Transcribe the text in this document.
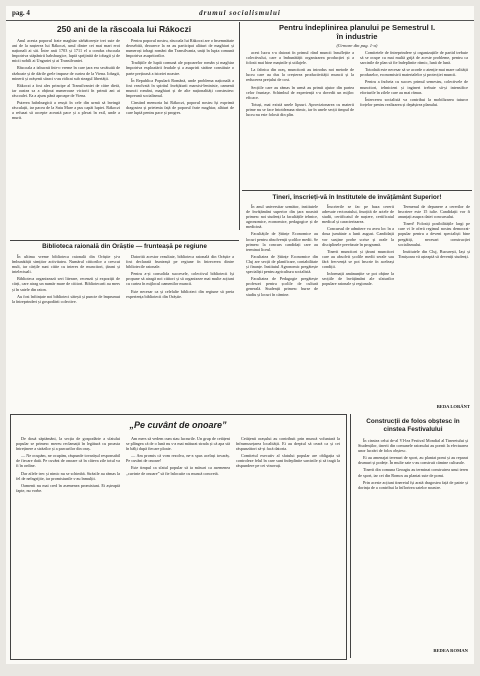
pag. 4	drumul socialismului
250 ani de la răscoala lui Rákoczi

Anul acesta poporul frate maghiar sărbătorește trei sute de ani de la nașterea lui Rákoczi, unul dintre cei mai mari eroi naționali ai săi. Între anii 1703 și 1711 el a condus răscoala împotriva stăpânirii habsburgice, luptă sprijinită de iobagii și de micii nobili ai Ungariei și ai Transilvaniei.

Răscoala a izbucnit într-o vreme în care țara era secătuită de războaie și de dările grele impuse de curtea de la Viena. Iobagii, minerii și orășenii săraci s-au ridicat sub steagul libertății.

Rákoczi a fost ales principe al Transilvaniei de către dietă, iar oastea sa a obținut numeroase victorii în primii ani ai răscoalei. Ea a ajuns până aproape de Viena.

Puterea habsburgică a reușit în cele din urmă să învingă răsculații, iar pacea de la Satu Mare a pus capăt luptei. Rákoczi a refuzat să accepte această pace și a plecat în exil, unde a murit.

Pentru poporul nostru, răscoala lui Rákoczi are o însemnătate deosebită, deoarece la ea au participat alături de maghiari și numeroși iobagi români din Transilvania, uniți în lupta comună împotriva asupritorilor.

Tradițiile de luptă comună ale popoarelor român și maghiar împotriva exploatării feudale și a asupririi străine constituie o parte prețioasă a istoriei noastre.

În Republica Populară Română, unde problema națională a fost rezolvată în spiritul învățăturii marxist-leniniste, oamenii muncii români, maghiari și de alte naționalități construiesc împreună socialismul.

Cinstind memoria lui Rákoczi, poporul nostru își exprimă dragostea și prietenia față de poporul frate maghiar, alături de care luptă pentru pace și progres.

Pentru îndeplinirea planului pe Semestrul I.
în industrie
(Urmare din pag. 1-a)

acest lucru s-a datorat în primul rând muncii însuflețite a colectivului, care a îmbunătățit organizarea producției și a folosit mai bine mașinile și utilajele.

La fabrica din oraș, muncitorii au introdus noi metode de lucru care au dus la creșterea productivității muncii și la reducerea prețului de cost.

Secțiile care au rămas în urmă au primit ajutor din partea celor fruntașe. Schimbul de experiență s-a dovedit un mijloc eficace.

Totuși, mai există unele lipsuri. Aprovizionarea cu materii prime nu se face întotdeauna ritmic, iar în unele secții timpul de lucru nu este folosit din plin.

Comitetele de întreprindere și organizațiile de partid trebuie să se ocupe cu mai multă grijă de aceste probleme, pentru ca sarcinile de plan să fie îndeplinite ritmic, lună de lună.

Totodată este necesar să se acorde o atenție mai mare calității produselor, economisirii materialelor și protecției muncii.

Pentru a încheia cu succes primul semestru, colectivele de muncitori, tehnicieni și ingineri trebuie să-și intensifice eforturile în zilele care au mai rămas.

Întrecerea socialistă va contribui la mobilizarea tuturor forțelor pentru realizarea și depășirea planului.

Tineri, înscrieți-vă în Institutele de învățământ Superior!

În anul universitar următor, institutele de învățământ superior din țara noastră primesc noi studenți la facultățile tehnice, agronomice, economice, pedagogice și de medicină.

Facultățile de Științe Economice au locuri pentru absolvenții școlilor medii. Se primesc la concurs candidați care au terminat liceul.

Facultatea de Științe Economice din Cluj are secții de planificare, contabilitate și finanțe. Institutul Agronomic pregătește specialiști pentru agricultura socialistă.

Facultatea de Pedagogie pregătește profesori pentru școlile de cultură generală. Studenții primesc burse de studiu și locuri în cămine.

Înscrierile se fac pe baza cererii adresate rectoratului, însoțită de actele de studii, certificatul de naștere, certificatul medical și caracterizarea.

Concursul de admitere va avea loc în a doua jumătate a lunii august. Candidații vor susține probe scrise și orale la disciplinele prevăzute în programă.

Tinerii muncitori și țărani muncitori care au absolvit școlile medii serale sau fără frecvență se pot înscrie în aceleași condiții.

Informații amănunțite se pot obține la secțiile de învățământ ale sfaturilor populare raionale și regionale.

Termenul de depunere a cererilor de înscriere este 15 iulie. Candidații vor fi anunțați asupra datei concursului.

Tineri! Folosiți posibilitățile largi pe care vi le oferă regimul nostru democrat-popular pentru a deveni specialiști bine pregătiți, necesari construcției socialismului.

Institutele din Cluj, București, Iași și Timișoara vă așteaptă să deveniți studenți.

BEDA LORÁNT
Biblioteca raională din Orăștie — frunteașă pe regiune

În ultima vreme biblioteca raională din Orăștie și-a îmbunătățit simțitor activitatea. Numărul cititorilor a crescut mult, iar cărțile sunt citite cu interes de muncitori, țărani și intelectuali.

Biblioteca organizează seri literare, recenzii și expoziții de cărți, care atrag un număr mare de cititori. Bibliotecarii au mers și în satele din raion.

Au fost înființate noi biblioteci sătești și puncte de împrumut la întreprinderi și gospodării colective.

Datorită acestor rezultate, biblioteca raională din Orăștie a fost declarată frunteașă pe regiune în întrecerea dintre bibliotecile raionale.

Pentru a-și consolida succesele, colectivul bibliotecii își propune să atragă noi cititori și să organizeze mai multe acțiuni cu cartea în mijlocul oamenilor muncii.

Este necesar ca și celelalte biblioteci din regiune să preia experiența bibliotecii din Orăștie.

„Pe cuvânt de onoare”

De două săptămâni, la secția de gospodărie a sfatului popular se primesc mereu reclamații în legătură cu proasta întreținere a străzilor și a parcurilor din oraș.

— Ne ocupăm, ne ocupăm, răspunde tovarășul responsabil de fiecare dată. Pe cuvânt de onoare că în câteva zile totul va fi în ordine.

Dar zilele trec și nimic nu se schimbă. Străzile au rămas la fel de neîngrijite, iar promisiunile s-au înmulțit.

Oamenii nu mai cred în asemenea promisiuni. Ei așteaptă fapte, nu vorbe.

Am mers să vedem cum stau lucrurile. Un grup de cetățeni se plângea că de o lună nu s-a mai măturat strada și că apa stă în bălți după fiecare ploaie.

— Am promis că vom rezolva, ne-a spus același tovarăș. Pe cuvânt de onoare!

Este timpul ca sfatul popular să ia măsuri ca asemenea „cuvinte de onoare” să fie înlocuite cu muncă concretă.

Cetățenii orașului au contribuit prin muncă voluntară la înfrumusețarea localității. Ei au dreptul să ceară ca și cei răspunzători să-și facă datoria.

Comitetul executiv al sfatului popular are obligația să controleze felul în care sunt îndeplinite sarcinile și să tragă la răspundere pe cei vinovați.

Construcții de folos obștesc în cinstea Festivalului

În cinstea celui de-al VI-lea Festival Mondial al Tineretului și Studenților, tinerii din comunele raionului au pornit la efectuarea unor lucrări de folos obștesc.

Ei au amenajat terenuri de sport, au plantat pomi și au reparat drumuri și podețe. În multe sate s-au construit cămine culturale.

Tinerii din comuna Geoagiu au terminat construirea unui teren de sport, iar cei din Romos au plantat sute de pomi.

Prin aceste acțiuni tineretul își arată dragostea față de patrie și dorința de a contribui la înflorirea satelor noastre.

BEDEA ROMAN
